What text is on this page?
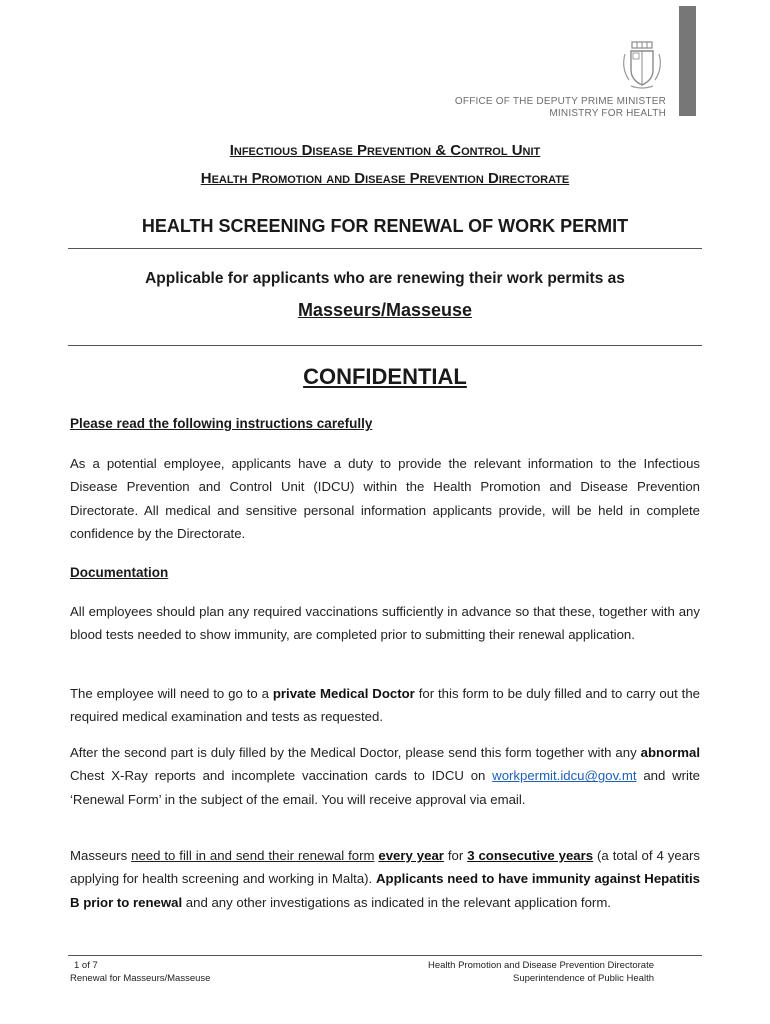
OFFICE OF THE DEPUTY PRIME MINISTER
MINISTRY FOR HEALTH
Infectious Disease Prevention & Control Unit
Health Promotion and Disease Prevention Directorate
HEALTH SCREENING FOR RENEWAL OF WORK PERMIT
Applicable for applicants who are renewing their work permits as
Masseurs/Masseuse
CONFIDENTIAL
Please read the following instructions carefully
As a potential employee, applicants have a duty to provide the relevant information to the Infectious Disease Prevention and Control Unit (IDCU) within the Health Promotion and Disease Prevention Directorate. All medical and sensitive personal information applicants provide, will be held in complete confidence by the Directorate.
Documentation
All employees should plan any required vaccinations sufficiently in advance so that these, together with any blood tests needed to show immunity, are completed prior to submitting their renewal application.
The employee will need to go to a private Medical Doctor for this form to be duly filled and to carry out the required medical examination and tests as requested.
After the second part is duly filled by the Medical Doctor, please send this form together with any abnormal Chest X-Ray reports and incomplete vaccination cards to IDCU on workpermit.idcu@gov.mt and write ‘Renewal Form’ in the subject of the email. You will receive approval via email.
Masseurs need to fill in and send their renewal form every year for 3 consecutive years (a total of 4 years applying for health screening and working in Malta). Applicants need to have immunity against Hepatitis B prior to renewal and any other investigations as indicated in the relevant application form.
1 of 7
Renewal for Masseurs/Masseuse
Health Promotion and Disease Prevention Directorate
Superintendence of Public Health
